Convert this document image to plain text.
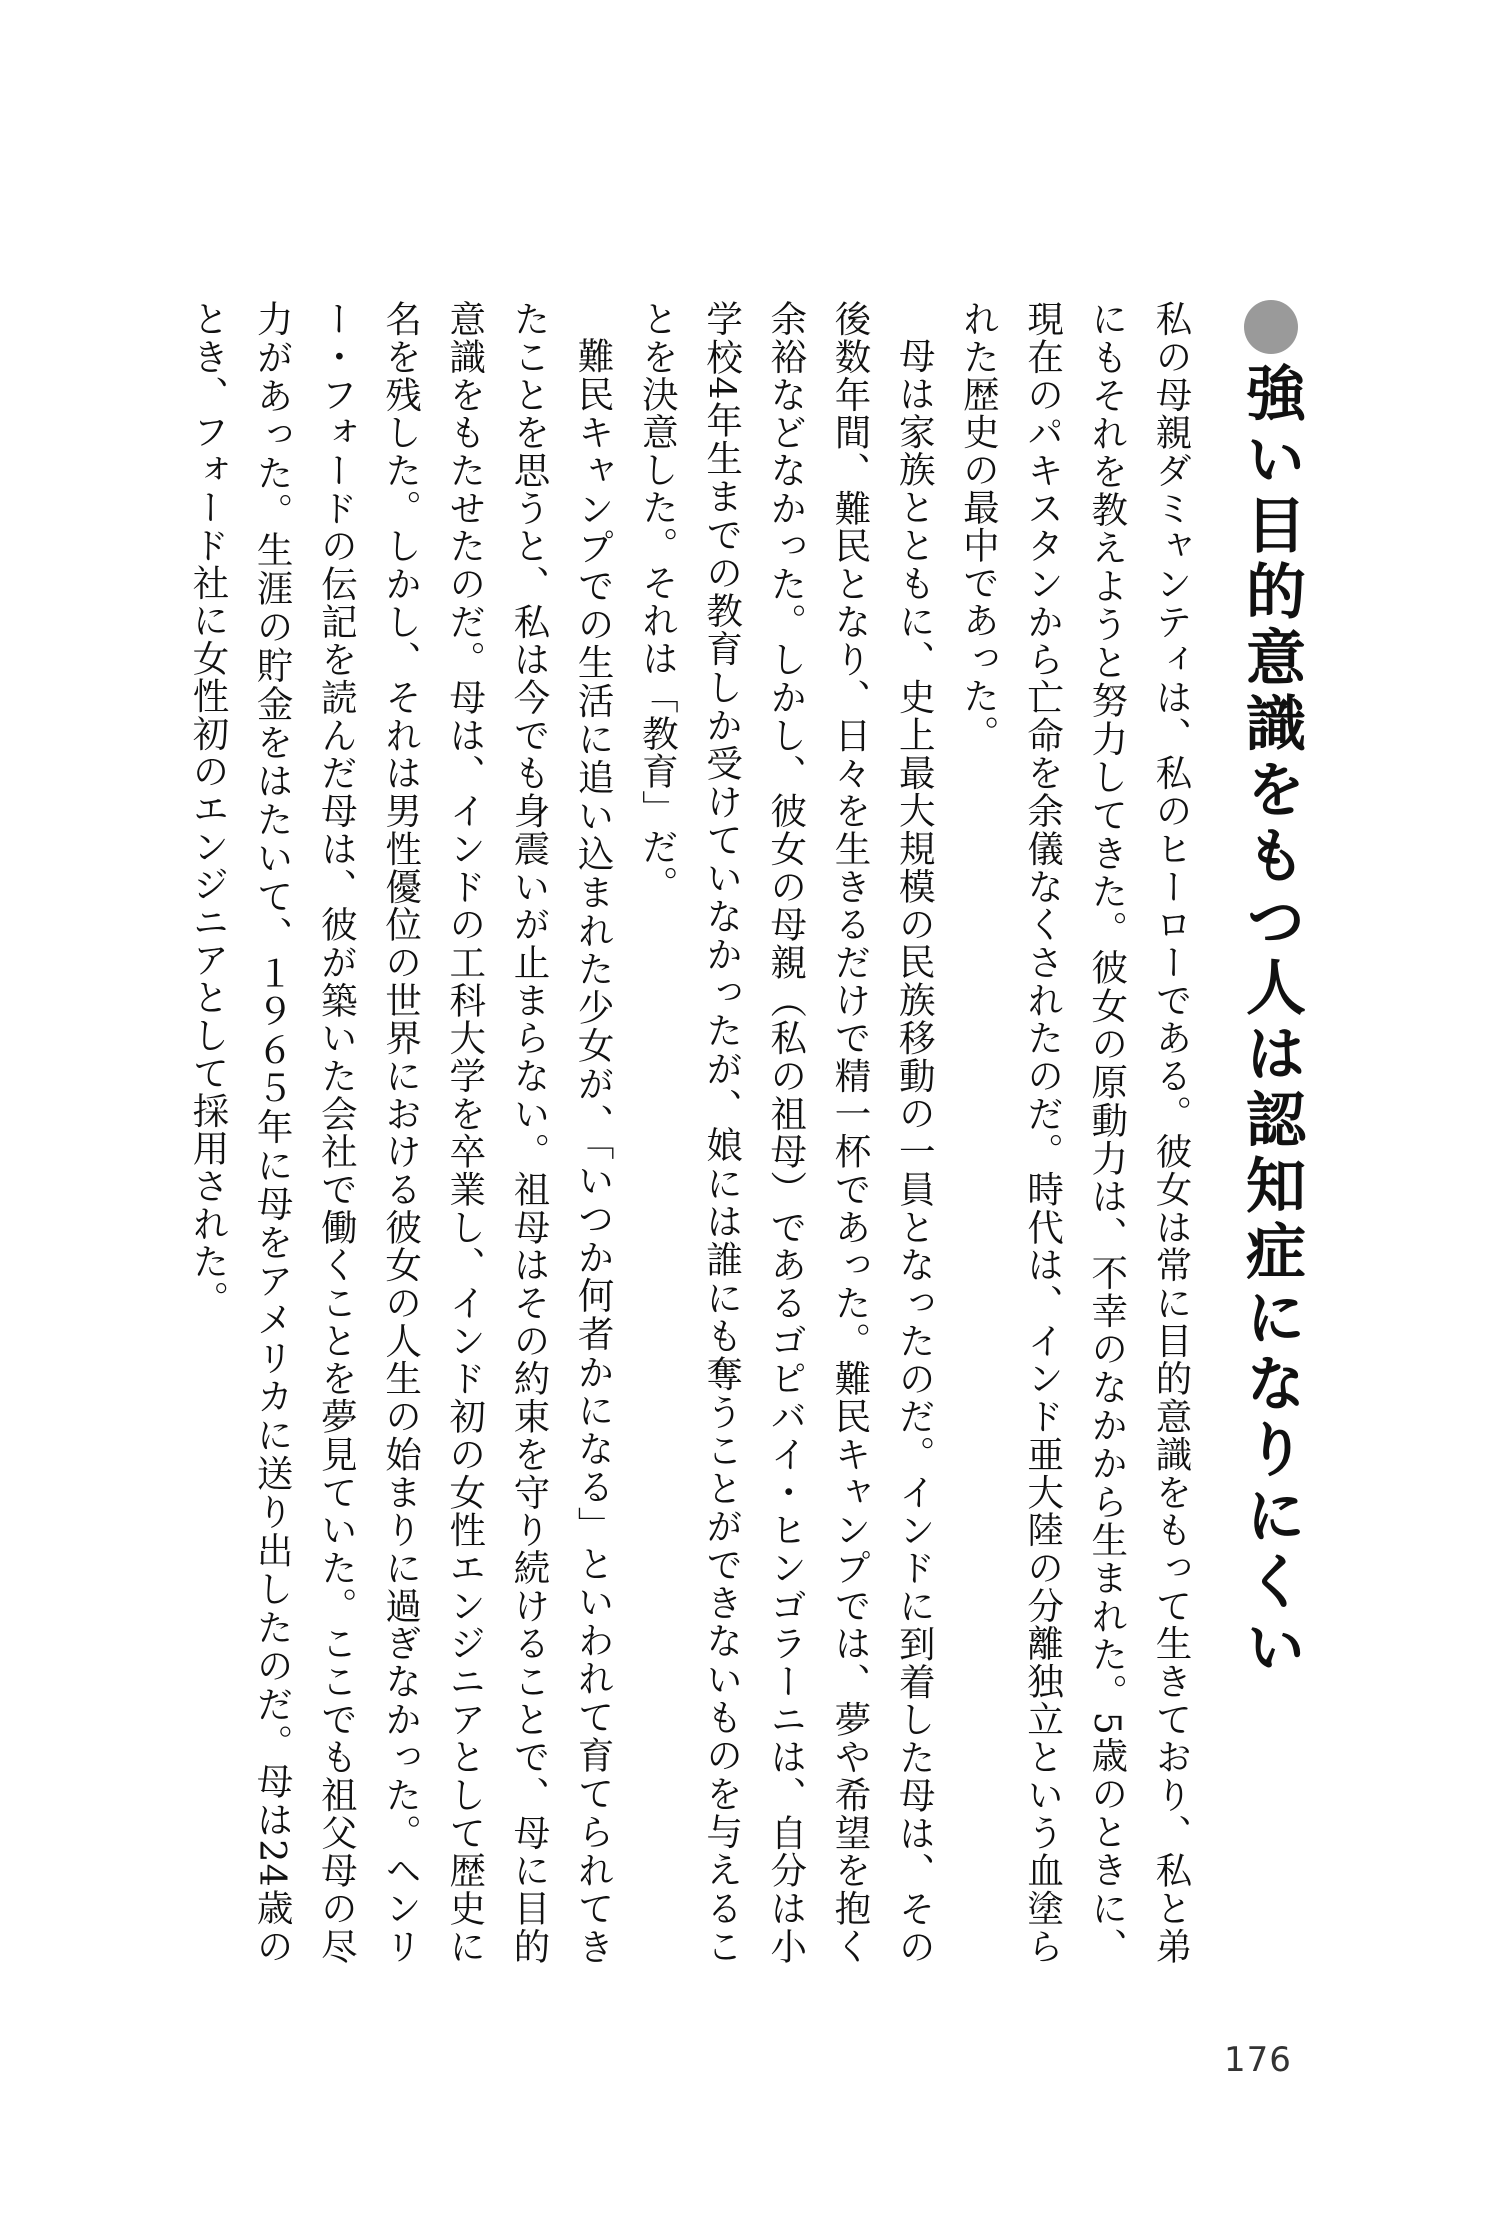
強い目的意識をもつ人は認知症になりにくい

私の母親ダミャンティは、私のヒーローである。彼女は常に目的意識をもって生きており、私と弟にもそれを教えようと努力してきた。彼女の原動力は、不幸のなかから生まれた。5歳のときに、現在のパキスタンから亡命を余儀なくされたのだ。時代は、インド亜大陸の分離独立という血塗られた歴史の最中であった。

母は家族とともに、史上最大規模の民族移動の一員となったのだ。インドに到着した母は、その後数年間、難民となり、日々を生きるだけで精一杯であった。難民キャンプでは、夢や希望を抱く余裕などなかった。しかし、彼女の母親（私の祖母）であるゴピバイ・ヒンゴラーニは、自分は小学校4年生までの教育しか受けていなかったが、娘には誰にも奪うことができないものを与えることを決意した。それは「教育」だ。

難民キャンプでの生活に追い込まれた少女が、「いつか何者かになる」といわれて育てられてきたことを思うと、私は今でも身震いが止まらない。祖母はその約束を守り続けることで、母に目的意識をもたせたのだ。母は、インドの工科大学を卒業し、インド初の女性エンジニアとして歴史に名を残した。しかし、それは男性優位の世界における彼女の人生の始まりに過ぎなかった。ヘンリー・フォードの伝記を読んだ母は、彼が築いた会社で働くことを夢見ていた。ここでも祖父母の尽力があった。生涯の貯金をはたいて、１９６５年に母をアメリカに送り出したのだ。母は24歳のとき、フォード社に女性初のエンジニアとして採用された。

176
